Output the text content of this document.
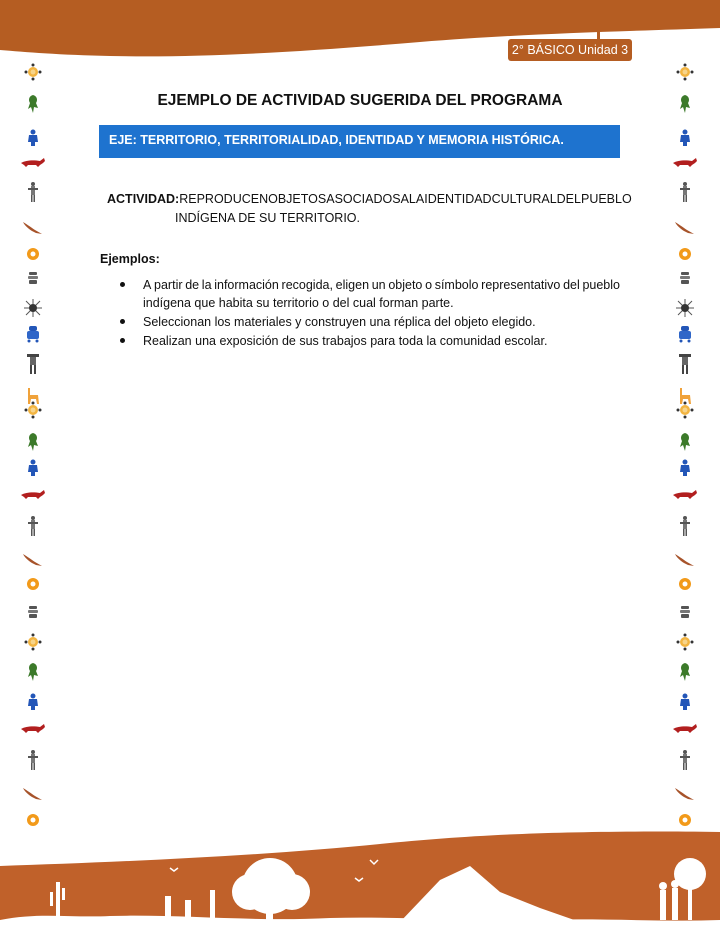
2° BÁSICO Unidad 3
EJEMPLO DE ACTIVIDAD SUGERIDA DEL PROGRAMA
EJE: TERRITORIO, TERRITORIALIDAD, IDENTIDAD Y MEMORIA HISTÓRICA.
ACTIVIDAD: REPRODUCEN OBJETOS ASOCIADOS A LA IDENTIDAD CULTURAL DEL PUEBLO
INDÍGENA DE SU TERRITORIO.
Ejemplos:
A partir de la información recogida, eligen un objeto o símbolo representativo del pueblo
indígena que habita su territorio o del cual forman parte.
Seleccionan los materiales y construyen una réplica del objeto elegido.
Realizan una exposición de sus trabajos para toda la comunidad escolar.
